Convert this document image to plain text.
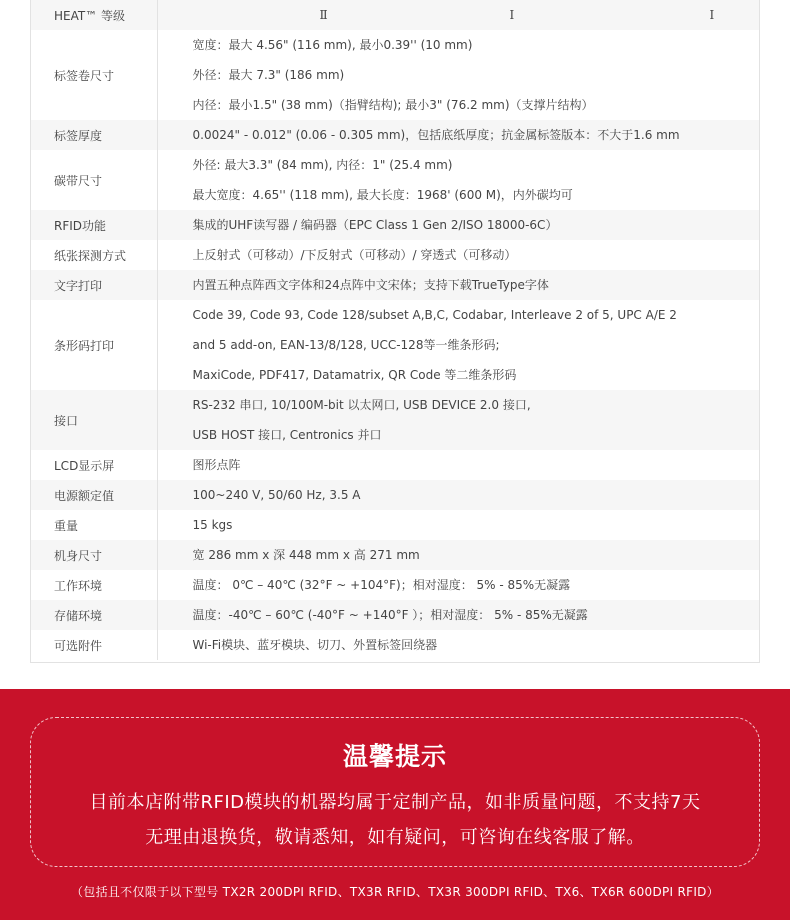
HEAT™ 等级	Ⅱ Ⅰ Ⅰ

标签卷尺寸	宽度：最大 4.56" (116 mm), 最小0.39'' (10 mm)
外径：最大 7.3" (186 mm)
内径：最小1.5" (38 mm)（指臂结构); 最小3" (76.2 mm)（支撑片结构）

标签厚度	0.0024" - 0.012" (0.06 - 0.305 mm)，包括底纸厚度；抗金属标签版本：不大于1.6 mm

碳带尺寸	外径: 最大3.3" (84 mm), 内径：1" (25.4 mm)
最大宽度：4.65'' (118 mm), 最大长度：1968' (600 M)，内外碳均可

RFID功能	集成的UHF读写器 / 编码器（EPC Class 1 Gen 2/ISO 18000-6C）

纸张探测方式	上反射式（可移动）/下反射式（可移动）/ 穿透式（可移动）

文字打印	内置五种点阵西文字体和24点阵中文宋体；支持下载TrueType字体

条形码打印	Code 39, Code 93, Code 128/subset A,B,C, Codabar, Interleave 2 of 5, UPC A/E 2
and 5 add-on, EAN-13/8/128, UCC-128等一维条形码;
MaxiCode, PDF417, Datamatrix, QR Code 等二维条形码

接口	RS-232 串口, 10/100M-bit 以太网口, USB DEVICE 2.0 接口,
USB HOST 接口, Centronics 并口

LCD显示屏	图形点阵

电源额定值	100~240 V, 50/60 Hz, 3.5 A

重量	15 kgs

机身尺寸	宽 286 mm x 深 448 mm x 高 271 mm

工作环境	温度： 0℃ – 40℃ (32°F ~ +104°F)；相对湿度： 5% - 85%无凝露

存储环境	温度：-40℃ – 60℃ (-40°F ~ +140°F ）；相对湿度： 5% - 85%无凝露

可选附件	Wi-Fi模块、蓝牙模块、切刀、外置标签回绕器
温馨提示
目前本店附带RFID模块的机器均属于定制产品，如非质量问题，不支持7天
无理由退换货，敬请悉知，如有疑问，可咨询在线客服了解。
（包括且不仅限于以下型号 TX2R 200DPI RFID、TX3R RFID、TX3R 300DPI RFID、TX6、TX6R 600DPI RFID）
